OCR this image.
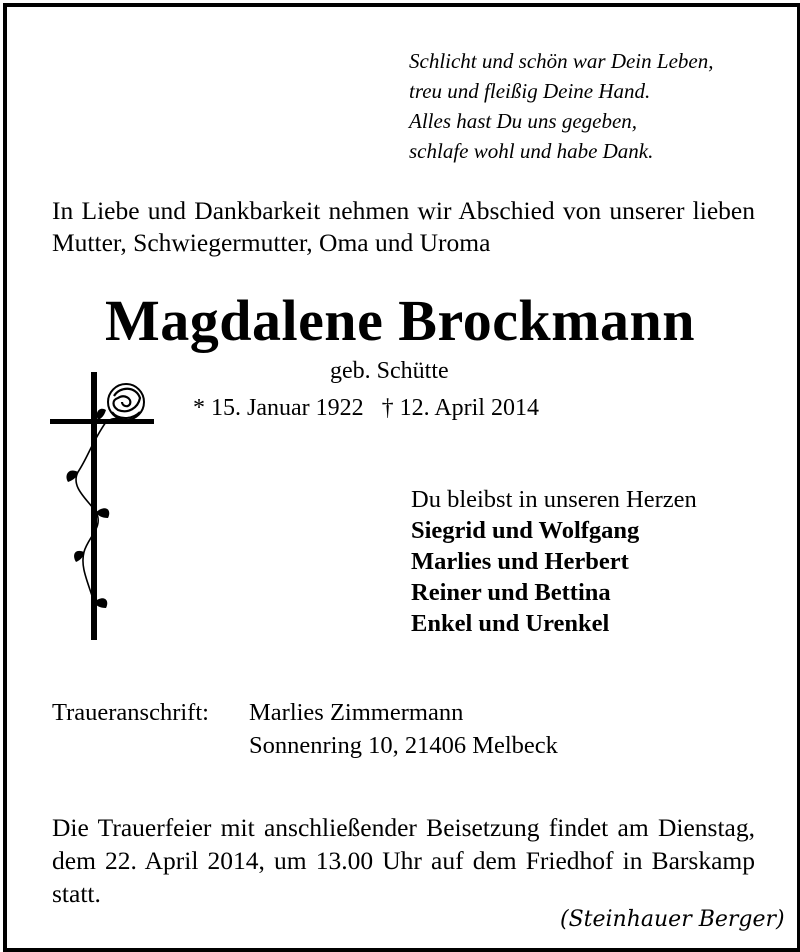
Schlicht und schön war Dein Leben,
treu und fleißig Deine Hand.
Alles hast Du uns gegeben,
schlafe wohl und habe Dank.
In Liebe und Dankbarkeit nehmen wir Abschied von unserer lieben Mutter, Schwiegermutter, Oma und Uroma
Magdalene Brockmann
geb. Schütte
* 15. Januar 1922 † 12. April 2014
Du bleibst in unseren Herzen
Siegrid und Wolfgang
Marlies und Herbert
Reiner und Bettina
Enkel und Urenkel
Traueranschrift:	Marlies Zimmermann
Sonnenring 10, 21406 Melbeck
Die Trauerfeier mit anschließender Beisetzung findet am Dienstag, dem 22. April 2014, um 13.00 Uhr auf dem Friedhof in Barskamp statt.
(Steinhauer Berger)
